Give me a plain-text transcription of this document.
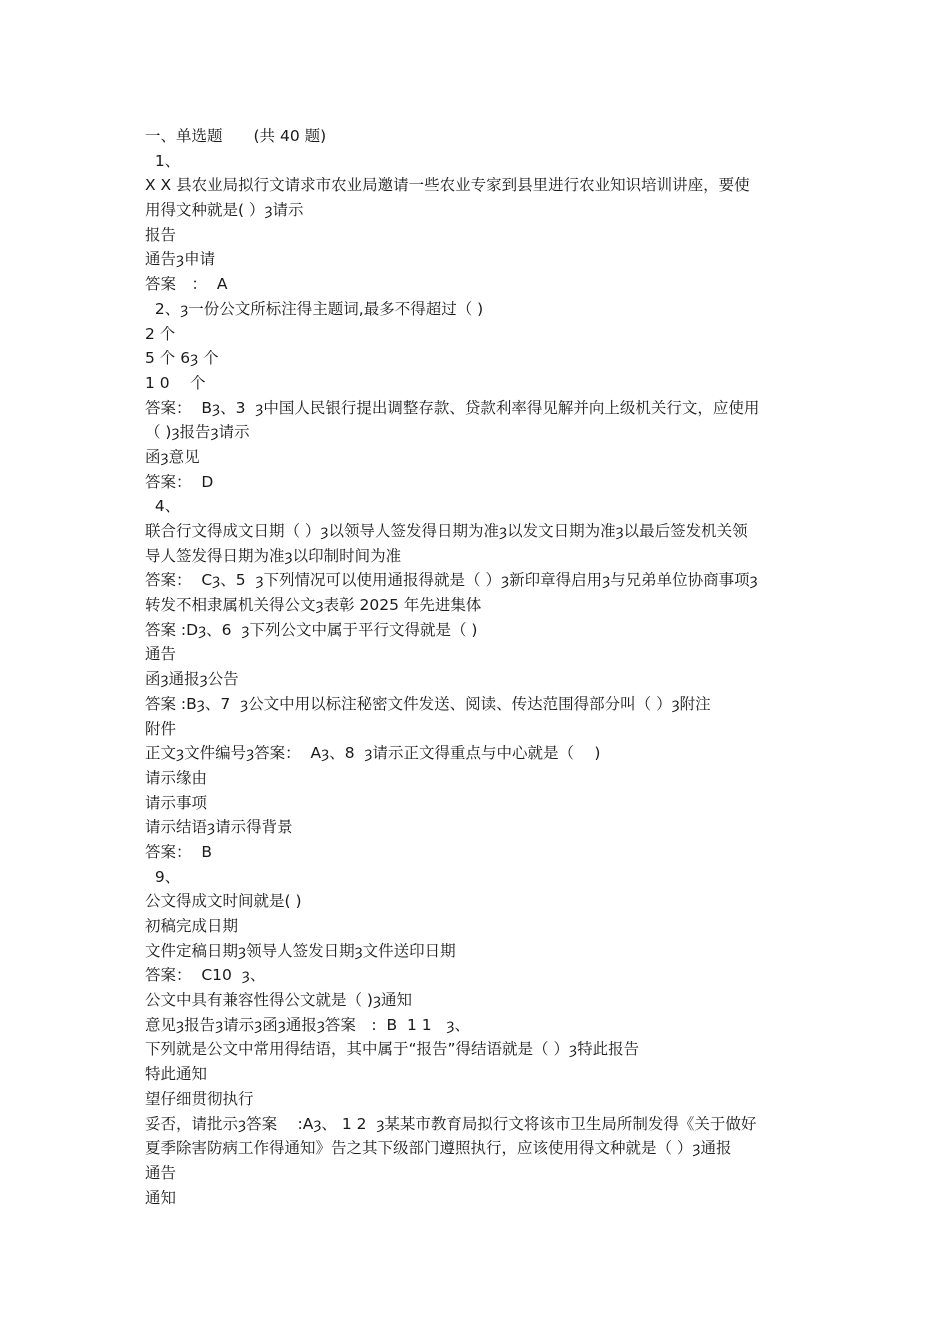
一、单选题　　(共 40 题)
1、
X X 县农业局拟行文请求市农业局邀请一些农业专家到县里进行农业知识培训讲座，要使
用得文种就是( ）ȝ请示
报告
通告ȝ申请
答案　：  A
2、ȝ一份公文所标注得主题词,最多不得超过（ )
2 个
5 个 6ȝ 个
1 0 　个
答案：  Bȝ、3  ȝ中国人民银行提出调整存款、贷款利率得见解并向上级机关行文，应使用
（ )ȝ报告ȝ请示
函ȝ意见
答案：  D
4、
联合行文得成文日期（ ）ȝ以领导人签发得日期为准ȝ以发文日期为准ȝ以最后签发机关领
导人签发得日期为准ȝ以印制时间为准
答案：  Cȝ、5  ȝ下列情况可以使用通报得就是（ ）ȝ新印章得启用ȝ与兄弟单位协商事项ȝ
转发不相隶属机关得公文ȝ表彰 2025 年先进集体
答案 :Dȝ、6  ȝ下列公文中属于平行文得就是（ )
通告
函ȝ通报ȝ公告
答案 :Bȝ、7  ȝ公文中用以标注秘密文件发送、阅读、传达范围得部分叫（ ）ȝ附注
附件
正文ȝ文件编号ȝ答案：  Aȝ、8  ȝ请示正文得重点与中心就是（　 )
请示缘由
请示事项
请示结语ȝ请示得背景
答案：  B
9、
公文得成文时间就是( )
初稿完成日期
文件定稿日期ȝ领导人签发日期ȝ文件送印日期
答案：  C10  ȝ、
公文中具有兼容性得公文就是（ )ȝ通知
意见ȝ报告ȝ请示ȝ函ȝ通报ȝ答案　:  B  1 1   ȝ、
下列就是公文中常用得结语，其中属于“报告”得结语就是（ ）ȝ特此报告
特此通知
望仔细贯彻执行
妥否，请批示ȝ答案　 :Aȝ、 1 2  ȝ某某市教育局拟行文将该市卫生局所制发得《关于做好
夏季除害防病工作得通知》告之其下级部门遵照执行，应该使用得文种就是（ ）ȝ通报
通告
通知
